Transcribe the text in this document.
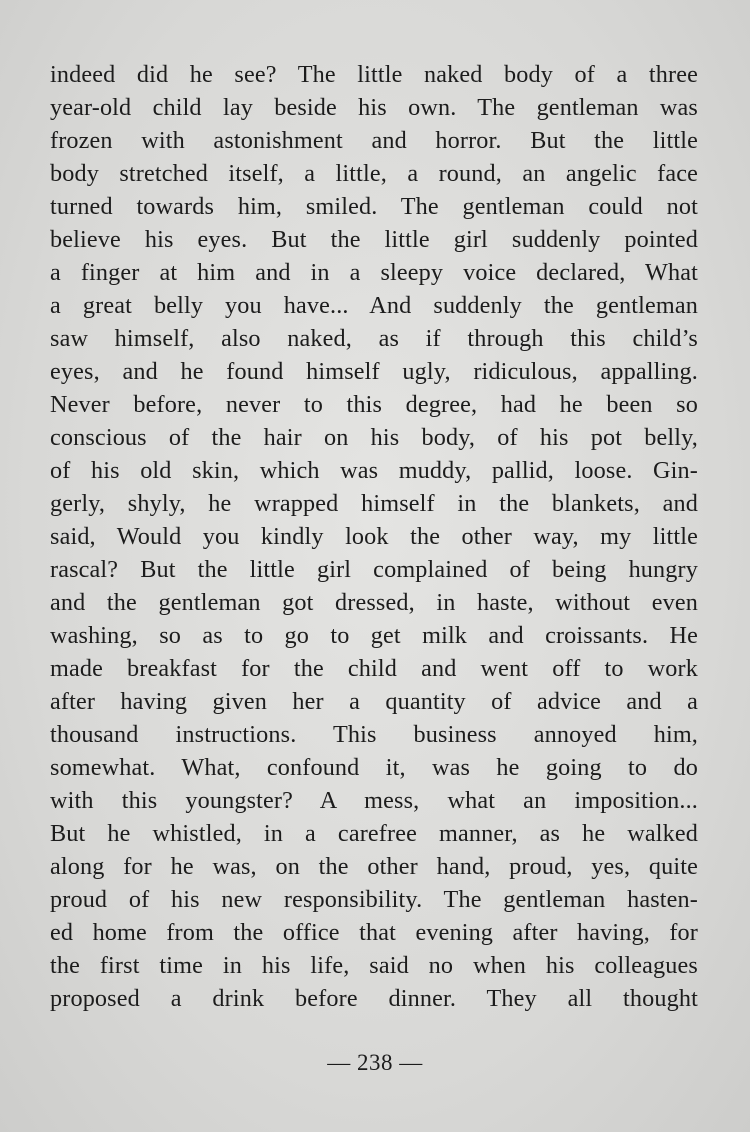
indeed did he see? The little naked body of a three
year-old child lay beside his own. The gentleman was
frozen with astonishment and horror. But the little
body stretched itself, a little, a round, an angelic face
turned towards him, smiled. The gentleman could not
believe his eyes. But the little girl suddenly pointed
a finger at him and in a sleepy voice declared, What
a great belly you have... And suddenly the gentleman
saw himself, also naked, as if through this child’s
eyes, and he found himself ugly, ridiculous, appalling.
Never before, never to this degree, had he been so
conscious of the hair on his body, of his pot belly,
of his old skin, which was muddy, pallid, loose. Gin-
gerly, shyly, he wrapped himself in the blankets, and
said, Would you kindly look the other way, my little
rascal? But the little girl complained of being hungry
and the gentleman got dressed, in haste, without even
washing, so as to go to get milk and croissants. He
made breakfast for the child and went off to work
after having given her a quantity of advice and a
thousand instructions. This business annoyed him,
somewhat. What, confound it, was he going to do
with this youngster? A mess, what an imposition...
But he whistled, in a carefree manner, as he walked
along for he was, on the other hand, proud, yes, quite
proud of his new responsibility. The gentleman hasten-
ed home from the office that evening after having, for
the first time in his life, said no when his colleagues
proposed a drink before dinner. They all thought
— 238 —
